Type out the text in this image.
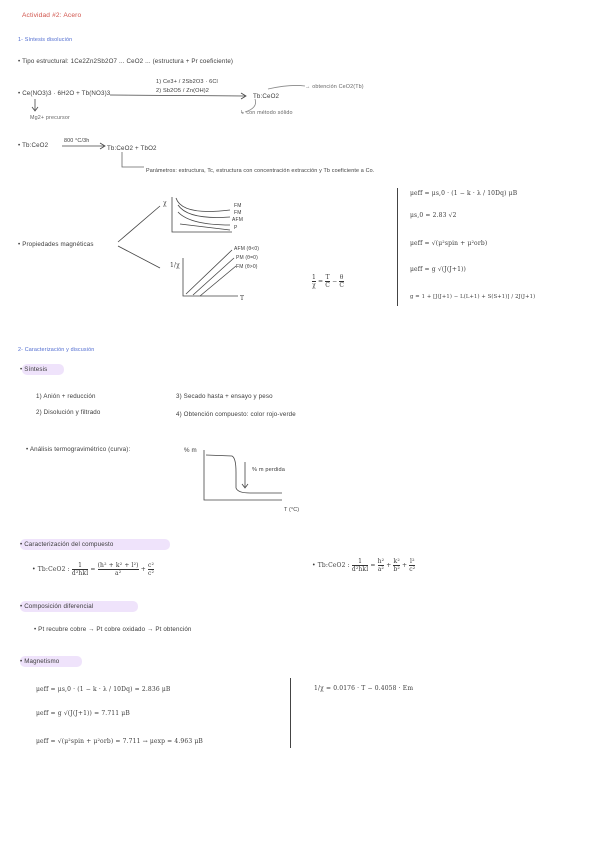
Actividad #2: Acero
1- Síntesis disolución
• Tipo estructural: 1Ce2Zn2Sb2O7 ... CeO2 ... (estructura + Pr coeficiente)
• Ce(NO3)3 · 6H2O + Tb(NO3)3
1) Ce3+ / 2Sb2O3 · 6Cl
2) Sb2O5 / Zn(OH)2
Tb:CeO2
→ obtención CeO2(Tb)
↳ con método sólido
Mg2+ precursor
• Tb:CeO2
800 °C/3h
Tb:CeO2 + TbO2
Parámetros: estructura, Tc, estructura con concentración extracción y Tb coeficiente a Co.
• Propiedades magnéticas
χ	FM
FM
AFM
P
1/χ
AFM (θ<0)
PM (θ=0)
FM (θ>0)
T
$\frac{1}{\chi} = \frac{T}{C} - \frac{\theta}{C}$
μeff = μs,0 · (1 − k · λ / 10Dq) μB
μs,0 = 2.83 √2
μeff = √(μ²spin + μ²orb)
μeff = g √(J(J+1))
g = 1 + [J(J+1) − L(L+1) + S(S+1)] / 2J(J+1)
2- Caracterización y discusión
• Síntesis
1) Anión + reducción
2) Disolución y filtrado
3) Secado hasta + ensayo y peso
4) Obtención compuesto: color rojo-verde
• Análisis termogravimétrico (curva):	% m
% m perdida
T (°C)
• Caracterización del compuesto
• Tb:CeO2 : $\frac{1}{\text{d²hkl}} = \frac{\text{(h² + k² + l²)}}{\text{a²}} + \frac{\text{c²}}{\text{c²}}$	• Tb:CeO2 : $\frac{1}{\text{d²hkl}} = \frac{\text{h²}}{\text{a²}} + \frac{\text{k²}}{\text{b²}} + \frac{\text{l²}}{\text{c²}}$
• Composición diferencial
• Pt recubre cobre → Pt cobre oxidado → Pt obtención
• Magnetismo
μeff = μs,0 · (1 − k · λ / 10Dq) = 2.836 μB
μeff = g √(J(J+1)) = 7.711 μB
μeff = √(μ²spin + μ²orb) = 7.711 → μexp = 4.963 μB
1/χ = 0.0176 · T − 0.4058 · Em
